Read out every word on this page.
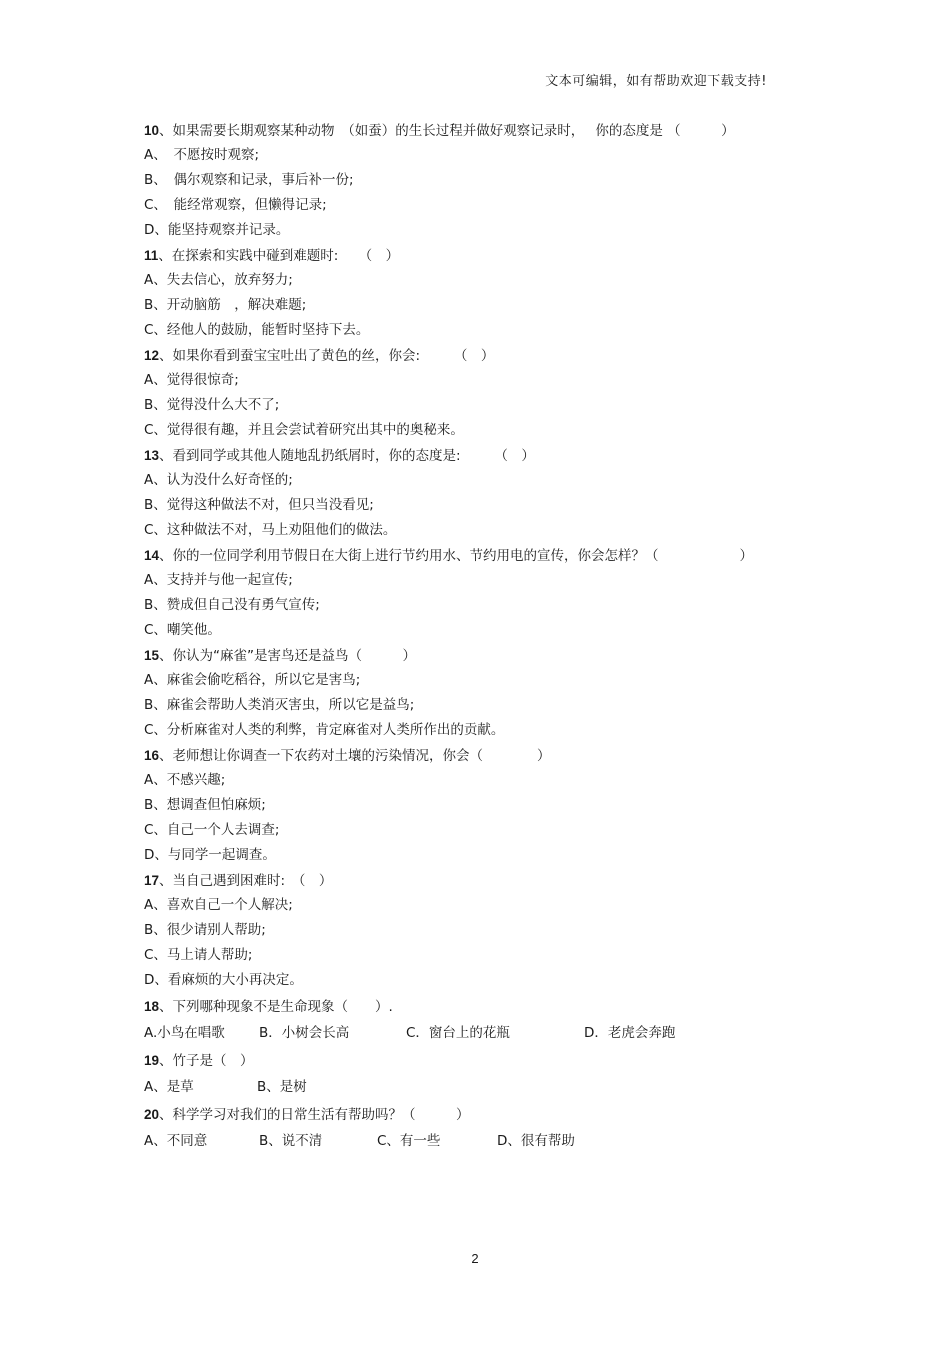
文本可编辑，如有帮助欢迎下载支持!
10、如果需要长期观察某种动物　（如蚕）的生长过程并做好观察记录时，　 你的态度是 （　　　）
A、　不愿按时观察;
B、　偶尔观察和记录，事后补一份;
C、　能经常观察，但懒得记录;
D、能坚持观察并记录。
11、在探索和实践中碰到难题时:　　（　）
A、失去信心，放弃努力;
B、开动脑筋　，解决难题;
C、经他人的鼓励，能暂时坚持下去。
12、如果你看到蚕宝宝吐出了黄色的丝，你会:　　　（　）
A、觉得很惊奇;
B、觉得没什么大不了;
C、觉得很有趣，并且会尝试着研究出其中的奥秘来。
13、看到同学或其他人随地乱扔纸屑时，你的态度是:　　　（　）
A、认为没什么好奇怪的;
B、觉得这种做法不对，但只当没看见;
C、这种做法不对，马上劝阻他们的做法。
14、你的一位同学利用节假日在大街上进行节约用水、节约用电的宣传，你会怎样？（　　　　　　）
A、支持并与他一起宣传;
B、赞成但自己没有勇气宣传;
C、嘲笑他。
15、你认为“麻雀”是害鸟还是益鸟（　　　）
A、麻雀会偷吃稻谷，所以它是害鸟;
B、麻雀会帮助人类消灭害虫，所以它是益鸟;
C、分析麻雀对人类的利弊，肯定麻雀对人类所作出的贡献。
16、老师想让你调查一下农药对土壤的污染情况，你会（　　　　）
A、不感兴趣;
B、想调查但怕麻烦;
C、自己一个人去调查;
D、与同学一起调查。
17、当自己遇到困难时:　（　）
A、喜欢自己一个人解决;
B、很少请别人帮助;
C、马上请人帮助;
D、看麻烦的大小再决定。
18、下列哪种现象不是生命现象（　　）.
A.小鸟在唱歌	B．小树会长高	C．窗台上的花瓶	D．老虎会奔跑
19、竹子是（　）
A、是草	B、是树
20、科学学习对我们的日常生活有帮助吗？（　　　）
A、不同意	B、说不清	C、有一些	D、很有帮助
2
